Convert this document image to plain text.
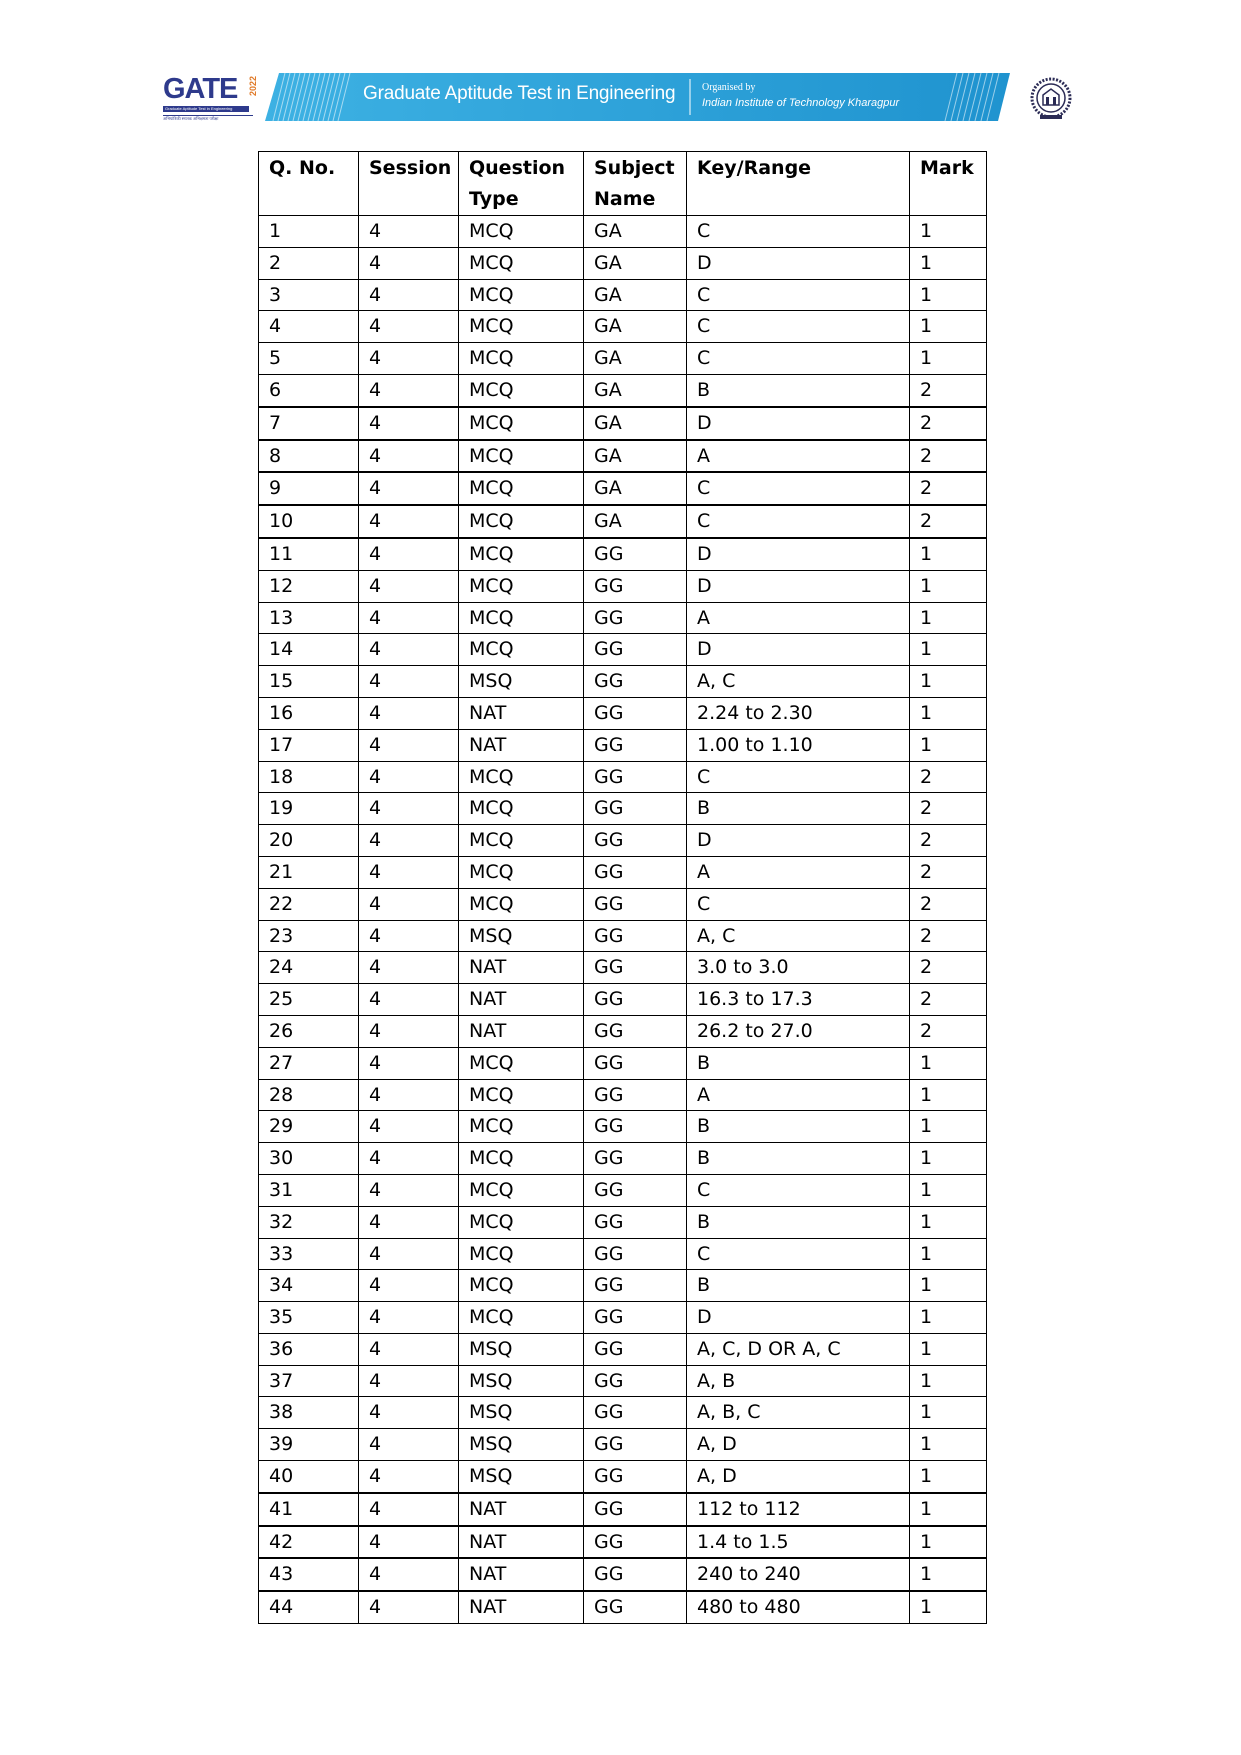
GATE 2022
Graduate Aptitude Test in Engineering
अभियांत्रिकी स्नातक अभिक्षमता परीक्षा
Graduate Aptitude Test in Engineering	Organised by
Indian Institute of Technology Kharagpur
Q. No.	Session	Question Type	Subject Name	Key/Range	Mark
1	4	MCQ	GA	C	1
2	4	MCQ	GA	D	1
3	4	MCQ	GA	C	1
4	4	MCQ	GA	C	1
5	4	MCQ	GA	C	1
6	4	MCQ	GA	B	2
7	4	MCQ	GA	D	2
8	4	MCQ	GA	A	2
9	4	MCQ	GA	C	2
10	4	MCQ	GA	C	2
11	4	MCQ	GG	D	1
12	4	MCQ	GG	D	1
13	4	MCQ	GG	A	1
14	4	MCQ	GG	D	1
15	4	MSQ	GG	A, C	1
16	4	NAT	GG	2.24 to 2.30	1
17	4	NAT	GG	1.00 to 1.10	1
18	4	MCQ	GG	C	2
19	4	MCQ	GG	B	2
20	4	MCQ	GG	D	2
21	4	MCQ	GG	A	2
22	4	MCQ	GG	C	2
23	4	MSQ	GG	A, C	2
24	4	NAT	GG	3.0 to 3.0	2
25	4	NAT	GG	16.3 to 17.3	2
26	4	NAT	GG	26.2 to 27.0	2
27	4	MCQ	GG	B	1
28	4	MCQ	GG	A	1
29	4	MCQ	GG	B	1
30	4	MCQ	GG	B	1
31	4	MCQ	GG	C	1
32	4	MCQ	GG	B	1
33	4	MCQ	GG	C	1
34	4	MCQ	GG	B	1
35	4	MCQ	GG	D	1
36	4	MSQ	GG	A, C, D OR A, C	1
37	4	MSQ	GG	A, B	1
38	4	MSQ	GG	A, B, C	1
39	4	MSQ	GG	A, D	1
40	4	MSQ	GG	A, D	1
41	4	NAT	GG	112 to 112	1
42	4	NAT	GG	1.4 to 1.5	1
43	4	NAT	GG	240 to 240	1
44	4	NAT	GG	480 to 480	1
